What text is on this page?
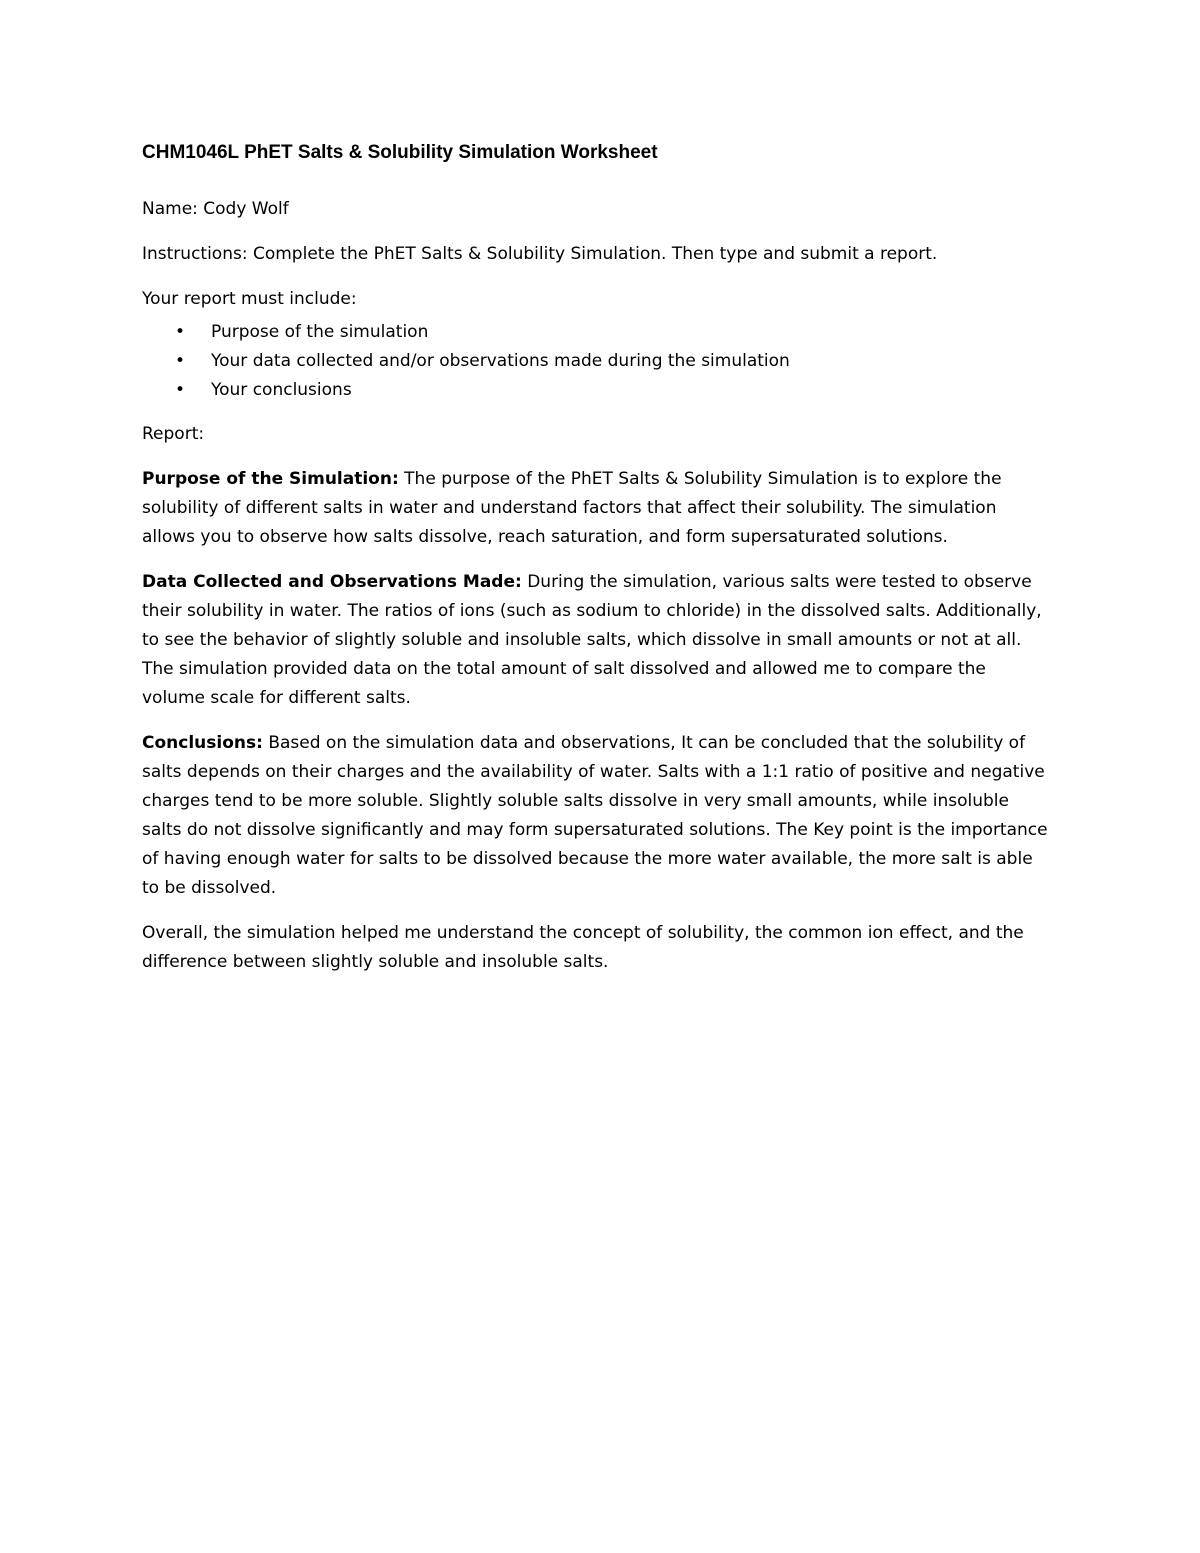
CHM1046L PhET Salts & Solubility Simulation Worksheet

Name: Cody Wolf

Instructions: Complete the PhET Salts & Solubility Simulation. Then type and submit a report.

Your report must include:

• Purpose of the simulation
• Your data collected and/or observations made during the simulation
• Your conclusions

Report:

Purpose of the Simulation: The purpose of the PhET Salts & Solubility Simulation is to explore the solubility of different salts in water and understand factors that affect their solubility. The simulation allows you to observe how salts dissolve, reach saturation, and form supersaturated solutions.

Data Collected and Observations Made: During the simulation, various salts were tested to observe their solubility in water. The ratios of ions (such as sodium to chloride) in the dissolved salts. Additionally, to see the behavior of slightly soluble and insoluble salts, which dissolve in small amounts or not at all. The simulation provided data on the total amount of salt dissolved and allowed me to compare the volume scale for different salts.

Conclusions: Based on the simulation data and observations, It can be concluded that the solubility of salts depends on their charges and the availability of water. Salts with a 1:1 ratio of positive and negative charges tend to be more soluble. Slightly soluble salts dissolve in very small amounts, while insoluble salts do not dissolve significantly and may form supersaturated solutions. The Key point is the importance of having enough water for salts to be dissolved because the more water available, the more salt is able to be dissolved.

Overall, the simulation helped me understand the concept of solubility, the common ion effect, and the difference between slightly soluble and insoluble salts.
